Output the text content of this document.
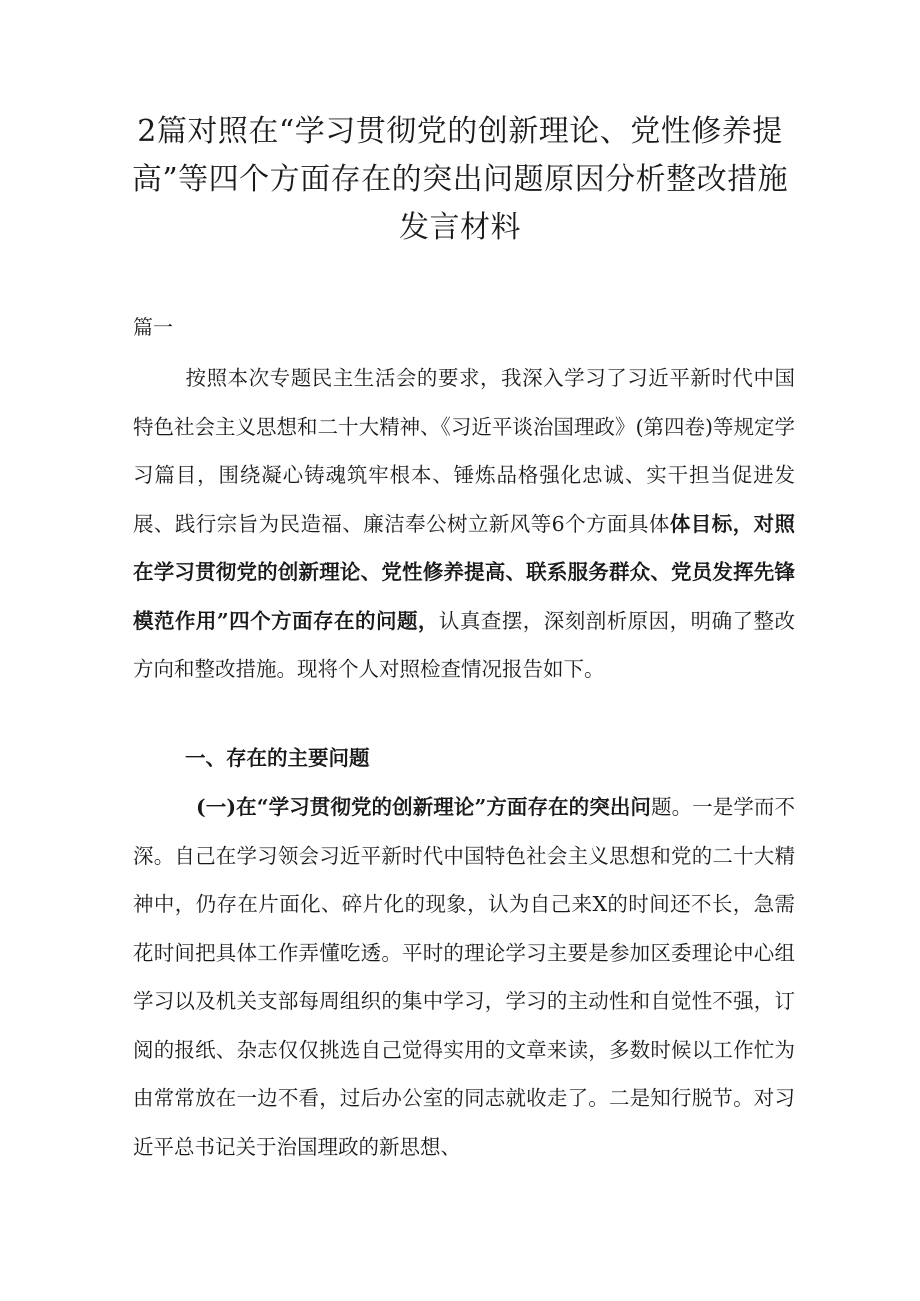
2篇对照在“学习贯彻党的创新理论、党性修养提
高”等四个方面存在的突出问题原因分析整改措施
发言材料
篇一
按照本次专题民主生活会的要求，我深入学习了习近平新时代中国特色社会主义思想和二十大精神、《习近平谈治国理政》(第四卷)等规定学习篇目，围绕凝心铸魂筑牢根本、锤炼品格强化忠诚、实干担当促进发展、践行宗旨为民造福、廉洁奉公树立新风等6个方面具体体目标，对照在学习贯彻党的创新理论、党性修养提高、联系服务群众、党员发挥先锋模范作用”四个方面存在的问题，认真查摆，深刻剖析原因，明确了整改方向和整改措施。现将个人对照检查情况报告如下。
一、存在的主要问题
(一)在“学习贯彻党的创新理论”方面存在的突出问题。一是学而不深。自己在学习领会习近平新时代中国特色社会主义思想和党的二十大精神中，仍存在片面化、碎片化的现象，认为自己来X的时间还不长，急需花时间把具体工作弄懂吃透。平时的理论学习主要是参加区委理论中心组学习以及机关支部每周组织的集中学习，学习的主动性和自觉性不强，订阅的报纸、杂志仅仅挑选自己觉得实用的文章来读，多数时候以工作忙为由常常放在一边不看，过后办公室的同志就收走了。二是知行脱节。对习近平总书记关于治国理政的新思想、
